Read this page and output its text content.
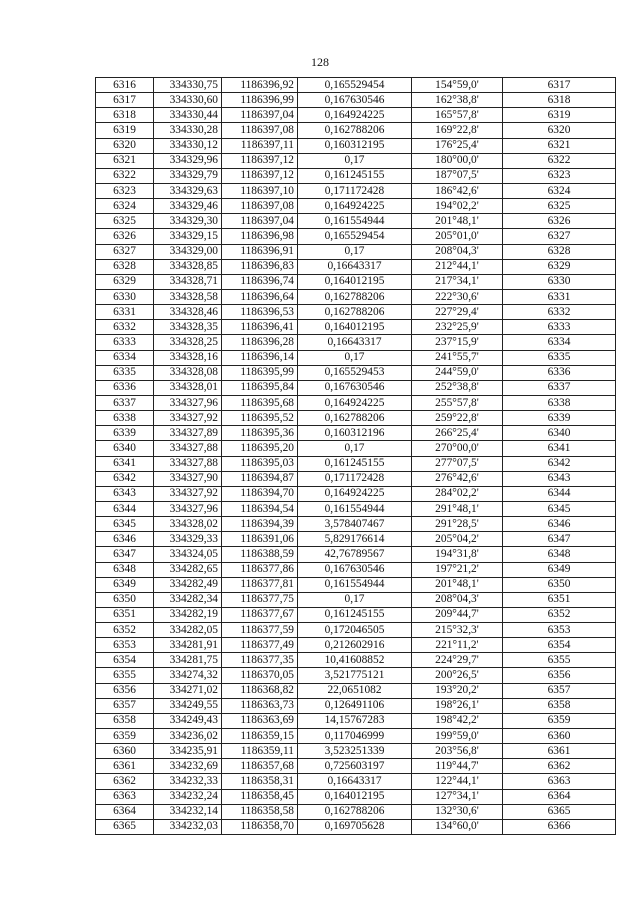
128
6316	334330,75	1186396,92	0,165529454	154°59,0'	6317
6317	334330,60	1186396,99	0,167630546	162°38,8'	6318
6318	334330,44	1186397,04	0,164924225	165°57,8'	6319
6319	334330,28	1186397,08	0,162788206	169°22,8'	6320
6320	334330,12	1186397,11	0,160312195	176°25,4'	6321
6321	334329,96	1186397,12	0,17	180°00,0'	6322
6322	334329,79	1186397,12	0,161245155	187°07,5'	6323
6323	334329,63	1186397,10	0,171172428	186°42,6'	6324
6324	334329,46	1186397,08	0,164924225	194°02,2'	6325
6325	334329,30	1186397,04	0,161554944	201°48,1'	6326
6326	334329,15	1186396,98	0,165529454	205°01,0'	6327
6327	334329,00	1186396,91	0,17	208°04,3'	6328
6328	334328,85	1186396,83	0,16643317	212°44,1'	6329
6329	334328,71	1186396,74	0,164012195	217°34,1'	6330
6330	334328,58	1186396,64	0,162788206	222°30,6'	6331
6331	334328,46	1186396,53	0,162788206	227°29,4'	6332
6332	334328,35	1186396,41	0,164012195	232°25,9'	6333
6333	334328,25	1186396,28	0,16643317	237°15,9'	6334
6334	334328,16	1186396,14	0,17	241°55,7'	6335
6335	334328,08	1186395,99	0,165529453	244°59,0'	6336
6336	334328,01	1186395,84	0,167630546	252°38,8'	6337
6337	334327,96	1186395,68	0,164924225	255°57,8'	6338
6338	334327,92	1186395,52	0,162788206	259°22,8'	6339
6339	334327,89	1186395,36	0,160312196	266°25,4'	6340
6340	334327,88	1186395,20	0,17	270°00,0'	6341
6341	334327,88	1186395,03	0,161245155	277°07,5'	6342
6342	334327,90	1186394,87	0,171172428	276°42,6'	6343
6343	334327,92	1186394,70	0,164924225	284°02,2'	6344
6344	334327,96	1186394,54	0,161554944	291°48,1'	6345
6345	334328,02	1186394,39	3,578407467	291°28,5'	6346
6346	334329,33	1186391,06	5,829176614	205°04,2'	6347
6347	334324,05	1186388,59	42,76789567	194°31,8'	6348
6348	334282,65	1186377,86	0,167630546	197°21,2'	6349
6349	334282,49	1186377,81	0,161554944	201°48,1'	6350
6350	334282,34	1186377,75	0,17	208°04,3'	6351
6351	334282,19	1186377,67	0,161245155	209°44,7'	6352
6352	334282,05	1186377,59	0,172046505	215°32,3'	6353
6353	334281,91	1186377,49	0,212602916	221°11,2'	6354
6354	334281,75	1186377,35	10,41608852	224°29,7'	6355
6355	334274,32	1186370,05	3,521775121	200°26,5'	6356
6356	334271,02	1186368,82	22,0651082	193°20,2'	6357
6357	334249,55	1186363,73	0,126491106	198°26,1'	6358
6358	334249,43	1186363,69	14,15767283	198°42,2'	6359
6359	334236,02	1186359,15	0,117046999	199°59,0'	6360
6360	334235,91	1186359,11	3,523251339	203°56,8'	6361
6361	334232,69	1186357,68	0,725603197	119°44,7'	6362
6362	334232,33	1186358,31	0,16643317	122°44,1'	6363
6363	334232,24	1186358,45	0,164012195	127°34,1'	6364
6364	334232,14	1186358,58	0,162788206	132°30,6'	6365
6365	334232,03	1186358,70	0,169705628	134°60,0'	6366
